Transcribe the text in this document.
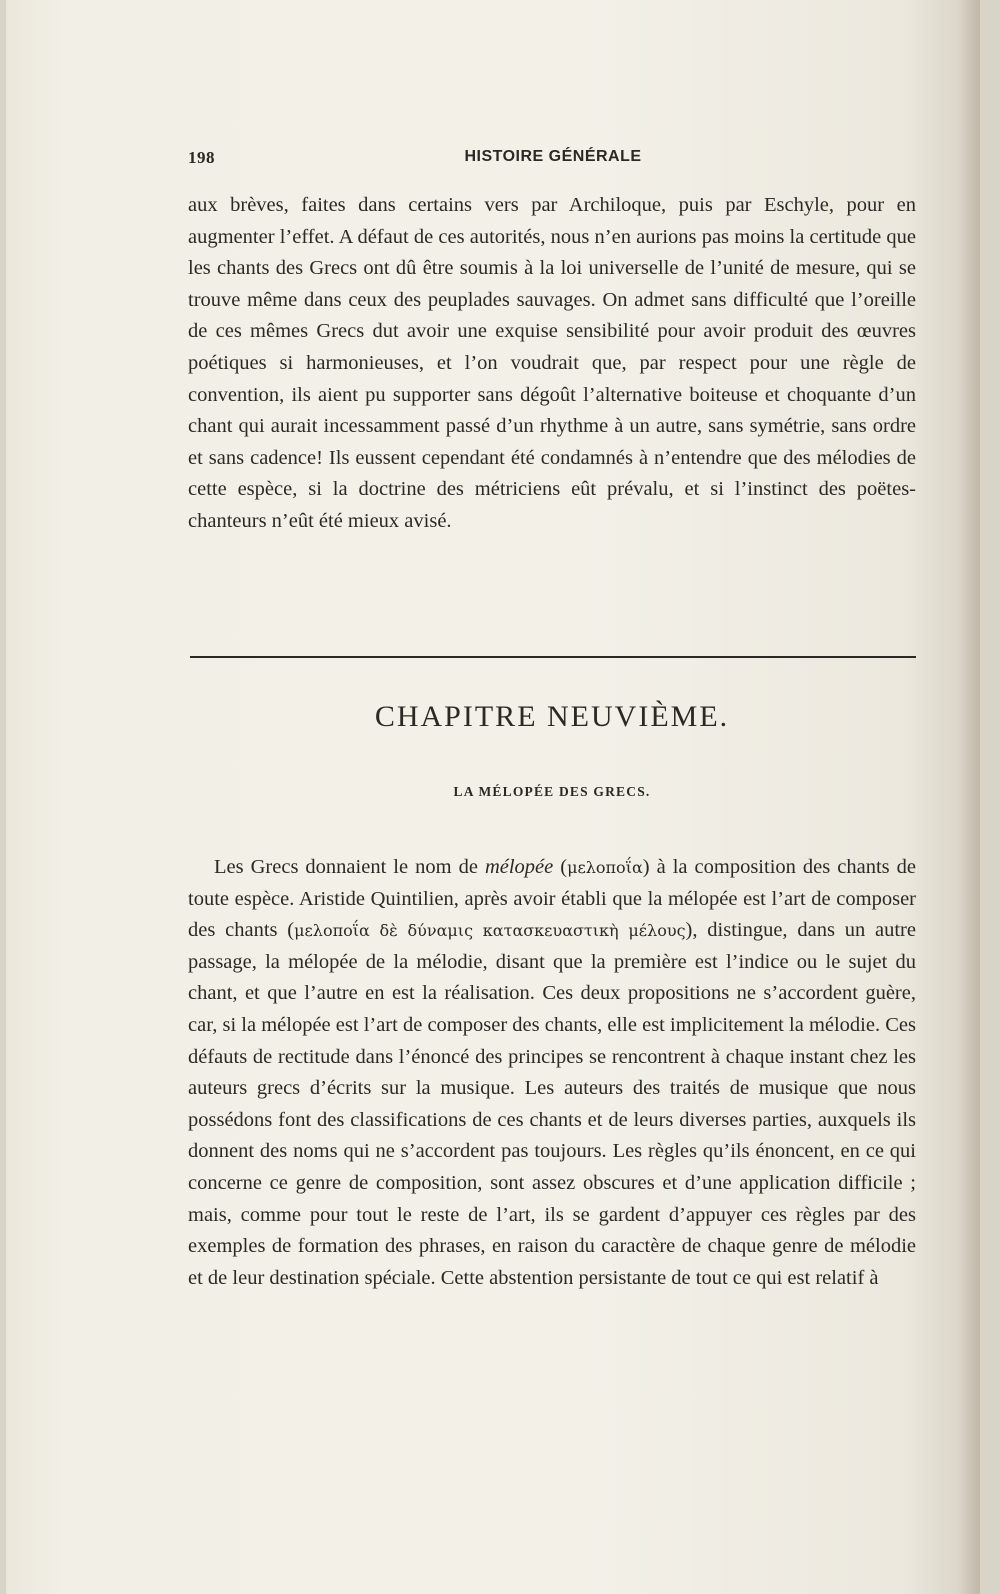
198	HISTOIRE GÉNÉRALE

aux brèves, faites dans certains vers par Archiloque, puis par Eschyle, pour en augmenter l’effet. A défaut de ces autorités, nous n’en aurions pas moins la certitude que les chants des Grecs ont dû être soumis à la loi universelle de l’unité de mesure, qui se trouve même dans ceux des peuplades sauvages. On admet sans difficulté que l’oreille de ces mêmes Grecs dut avoir une exquise sensibilité pour avoir produit des œuvres poétiques si harmonieuses, et l’on voudrait que, par respect pour une règle de convention, ils aient pu supporter sans dégoût l’alternative boiteuse et choquante d’un chant qui aurait incessamment passé d’un rhythme à un autre, sans symétrie, sans ordre et sans cadence! Ils eussent cependant été condamnés à n’entendre que des mélodies de cette espèce, si la doctrine des métriciens eût prévalu, et si l’instinct des poëtes-chanteurs n’eût été mieux avisé.

CHAPITRE NEUVIÈME.
LA MÉLOPÉE DES GRECS.

Les Grecs donnaient le nom de mélopée (μελοποΐα) à la composition des chants de toute espèce. Aristide Quintilien, après avoir établi que la mélopée est l’art de composer des chants (μελοποΐα δὲ δύναμις κατασκευαστικὴ μέλους), distingue, dans un autre passage, la mélopée de la mélodie, disant que la première est l’indice ou le sujet du chant, et que l’autre en est la réalisation. Ces deux propositions ne s’accordent guère, car, si la mélopée est l’art de composer des chants, elle est implicitement la mélodie. Ces défauts de rectitude dans l’énoncé des principes se rencontrent à chaque instant chez les auteurs grecs d’écrits sur la musique. Les auteurs des traités de musique que nous possédons font des classifications de ces chants et de leurs diverses parties, auxquels ils donnent des noms qui ne s’accordent pas toujours. Les règles qu’ils énoncent, en ce qui concerne ce genre de composition, sont assez obscures et d’une application difficile ; mais, comme pour tout le reste de l’art, ils se gardent d’appuyer ces règles par des exemples de formation des phrases, en raison du caractère de chaque genre de mélodie et de leur destination spéciale. Cette abstention persistante de tout ce qui est relatif à
